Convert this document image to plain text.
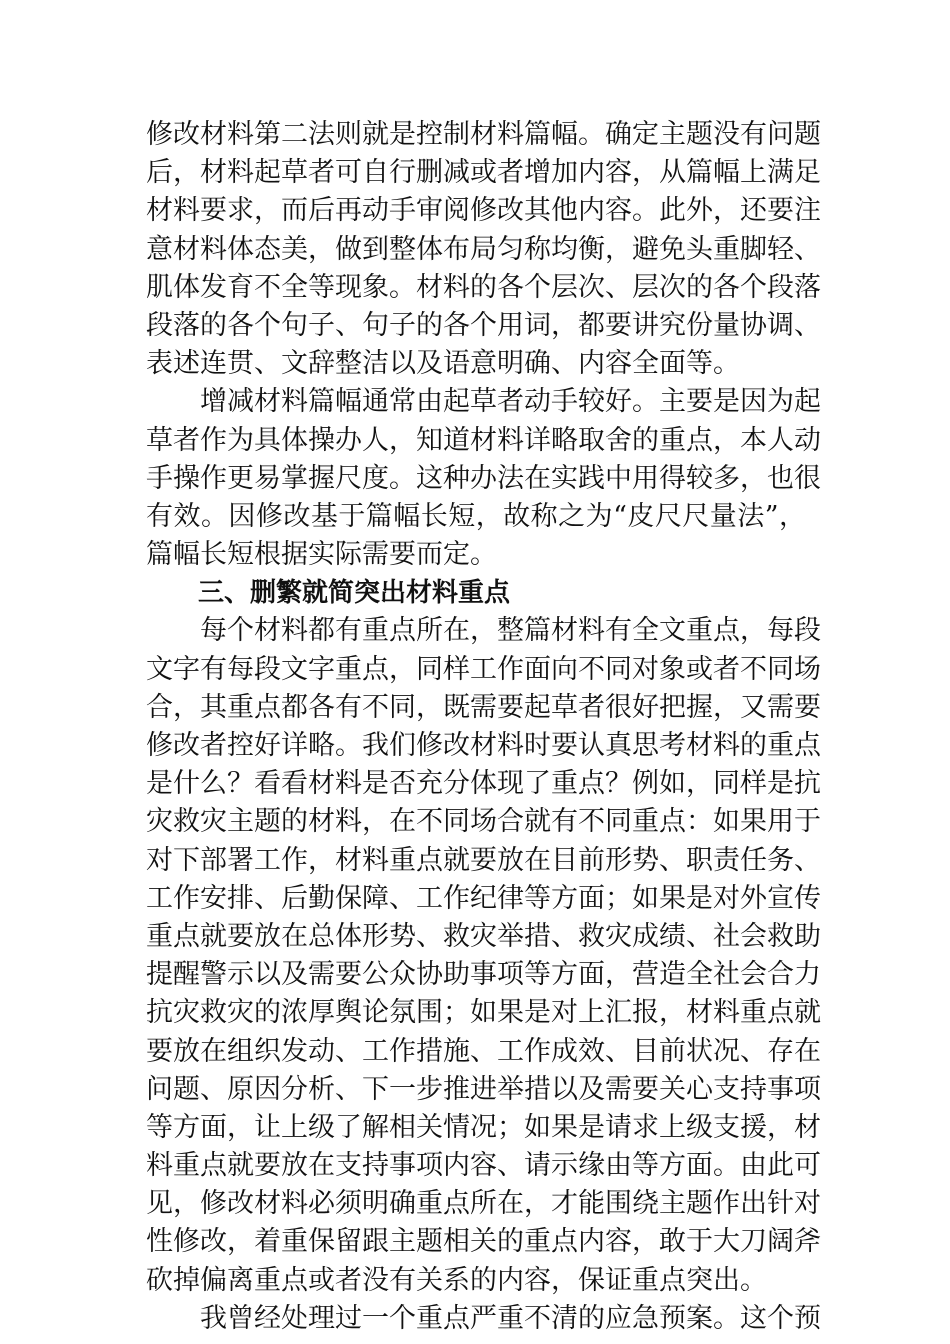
修改材料第二法则就是控制材料篇幅。确定主题没有问题
后，材料起草者可自行删减或者增加内容，从篇幅上满足
材料要求，而后再动手审阅修改其他内容。此外，还要注
意材料体态美，做到整体布局匀称均衡，避免头重脚轻、
肌体发育不全等现象。材料的各个层次、层次的各个段落
段落的各个句子、句子的各个用词，都要讲究份量协调、
表述连贯、文辞整洁以及语意明确、内容全面等。
增减材料篇幅通常由起草者动手较好。主要是因为起
草者作为具体操办人，知道材料详略取舍的重点，本人动
手操作更易掌握尺度。这种办法在实践中用得较多，也很
有效。因修改基于篇幅长短，故称之为“皮尺尺量法”，
篇幅长短根据实际需要而定。
三、删繁就简突出材料重点
每个材料都有重点所在，整篇材料有全文重点，每段
文字有每段文字重点，同样工作面向不同对象或者不同场
合，其重点都各有不同，既需要起草者很好把握，又需要
修改者控好详略。我们修改材料时要认真思考材料的重点
是什么？看看材料是否充分体现了重点？例如，同样是抗
灾救灾主题的材料，在不同场合就有不同重点：如果用于
对下部署工作，材料重点就要放在目前形势、职责任务、
工作安排、后勤保障、工作纪律等方面；如果是对外宣传
重点就要放在总体形势、救灾举措、救灾成绩、社会救助
提醒警示以及需要公众协助事项等方面，营造全社会合力
抗灾救灾的浓厚舆论氛围；如果是对上汇报，材料重点就
要放在组织发动、工作措施、工作成效、目前状况、存在
问题、原因分析、下一步推进举措以及需要关心支持事项
等方面，让上级了解相关情况；如果是请求上级支援，材
料重点就要放在支持事项内容、请示缘由等方面。由此可
见，修改材料必须明确重点所在，才能围绕主题作出针对
性修改，着重保留跟主题相关的重点内容，敢于大刀阔斧
砍掉偏离重点或者没有关系的内容，保证重点突出。
我曾经处理过一个重点严重不清的应急预案。这个预
